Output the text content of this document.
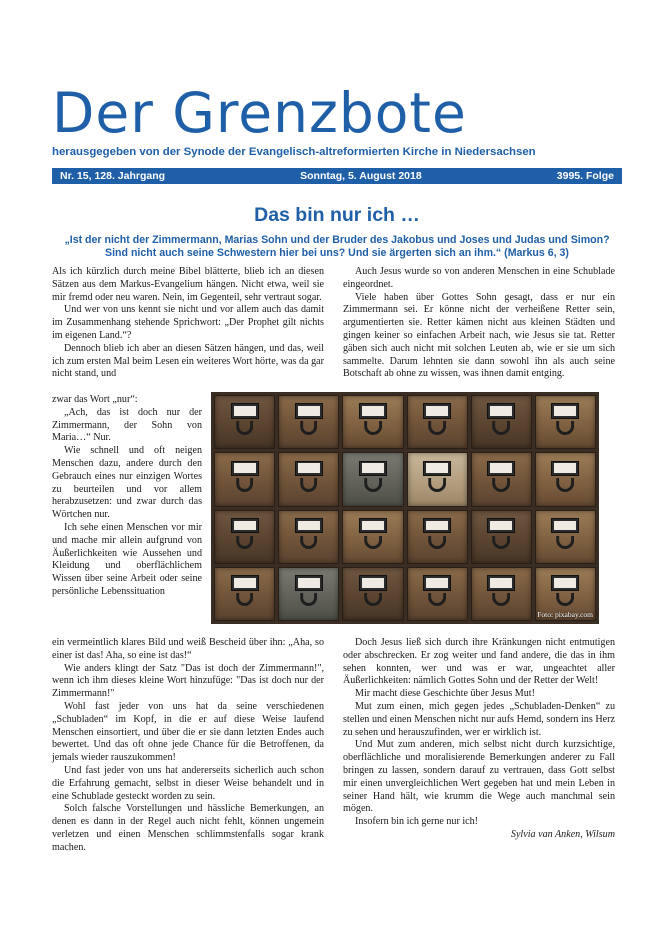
Der Grenzbote
herausgegeben von der Synode der Evangelisch-altreformierten Kirche in Niedersachsen
Nr. 15, 128. Jahrgang	Sonntag, 5. August 2018	3995. Folge
Das bin nur ich …
„Ist der nicht der Zimmermann, Marias Sohn und der Bruder des Jakobus und Joses und Judas und Simon? Sind nicht auch seine Schwestern hier bei uns? Und sie ärgerten sich an ihm.“ (Markus 6, 3)

Als ich kürzlich durch meine Bibel blätterte, blieb ich an diesen Sätzen aus dem Markus-Evangelium hängen. Nicht etwa, weil sie mir fremd oder neu waren. Nein, im Gegenteil, sehr vertraut sogar.

Und wer von uns kennt sie nicht und vor allem auch das damit im Zusammenhang stehende Sprichwort: „Der Prophet gilt nichts im eigenen Land.“?

Dennoch blieb ich aber an diesen Sätzen hängen, und das, weil ich zum ersten Mal beim Lesen ein weiteres Wort hörte, was da gar nicht stand, und

zwar das Wort „nur“:

„Ach, das ist doch nur der Zimmermann, der Sohn von Maria…“ Nur.

Wie schnell und oft neigen Menschen dazu, andere durch den Gebrauch eines nur einzigen Wortes zu beurteilen und vor allem herabzusetzen: und zwar durch das Wörtchen nur.

Ich sehe einen Menschen vor mir und mache mir allein aufgrund von Äußerlichkeiten wie Aussehen und Kleidung und oberflächlichem Wissen über seine Arbeit oder seine persönliche Lebenssituation

ein vermeintlich klares Bild und weiß Bescheid über ihn: „Aha, so einer ist das! Aha, so eine ist das!“

Wie anders klingt der Satz "Das ist doch der Zimmermann!", wenn ich ihm dieses kleine Wort hinzufüge: "Das ist doch nur der Zimmermann!"

Wohl fast jeder von uns hat da seine verschiedenen „Schubladen“ im Kopf, in die er auf diese Weise laufend Menschen einsortiert, und über die er sie dann letzten Endes auch bewertet. Und das oft ohne jede Chance für die Betroffenen, da jemals wieder rauszukommen!

Und fast jeder von uns hat andererseits sicherlich auch schon die Erfahrung gemacht, selbst in dieser Weise behandelt und in eine Schublade gesteckt worden zu sein.

Solch falsche Vorstellungen und hässliche Bemerkungen, an denen es dann in der Regel auch nicht fehlt, können ungemein verletzen und einen Menschen schlimmstenfalls sogar krank machen.

Auch Jesus wurde so von anderen Menschen in eine Schublade eingeordnet.

Viele haben über Gottes Sohn gesagt, dass er nur ein Zimmermann sei. Er könne nicht der verheißene Retter sein, argumentierten sie. Retter kämen nicht aus kleinen Städten und gingen keiner so einfachen Arbeit nach, wie Jesus sie tat. Retter gäben sich auch nicht mit solchen Leuten ab, wie er sie um sich sammelte. Darum lehnten sie dann sowohl ihn als auch seine Botschaft ab ohne zu wissen, was ihnen damit entging.

Foto: pixabay.com

Doch Jesus ließ sich durch ihre Kränkungen nicht entmutigen oder abschrecken. Er zog weiter und fand andere, die das in ihm sehen konnten, wer und was er war, ungeachtet aller Äußerlichkeiten: nämlich Gottes Sohn und der Retter der Welt!

Mir macht diese Geschichte über Jesus Mut!

Mut zum einen, mich gegen jedes „Schubladen-Denken“ zu stellen und einen Menschen nicht nur aufs Hemd, sondern ins Herz zu sehen und herauszufinden, wer er wirklich ist.

Und Mut zum anderen, mich selbst nicht durch kurzsichtige, oberflächliche und moralisierende Bemerkungen anderer zu Fall bringen zu lassen, sondern darauf zu vertrauen, dass Gott selbst mir einen unvergleichlichen Wert gegeben hat und mein Leben in seiner Hand hält, wie krumm die Wege auch manchmal sein mögen.

Insofern bin ich gerne nur ich!

Sylvia van Anken, Wilsum
